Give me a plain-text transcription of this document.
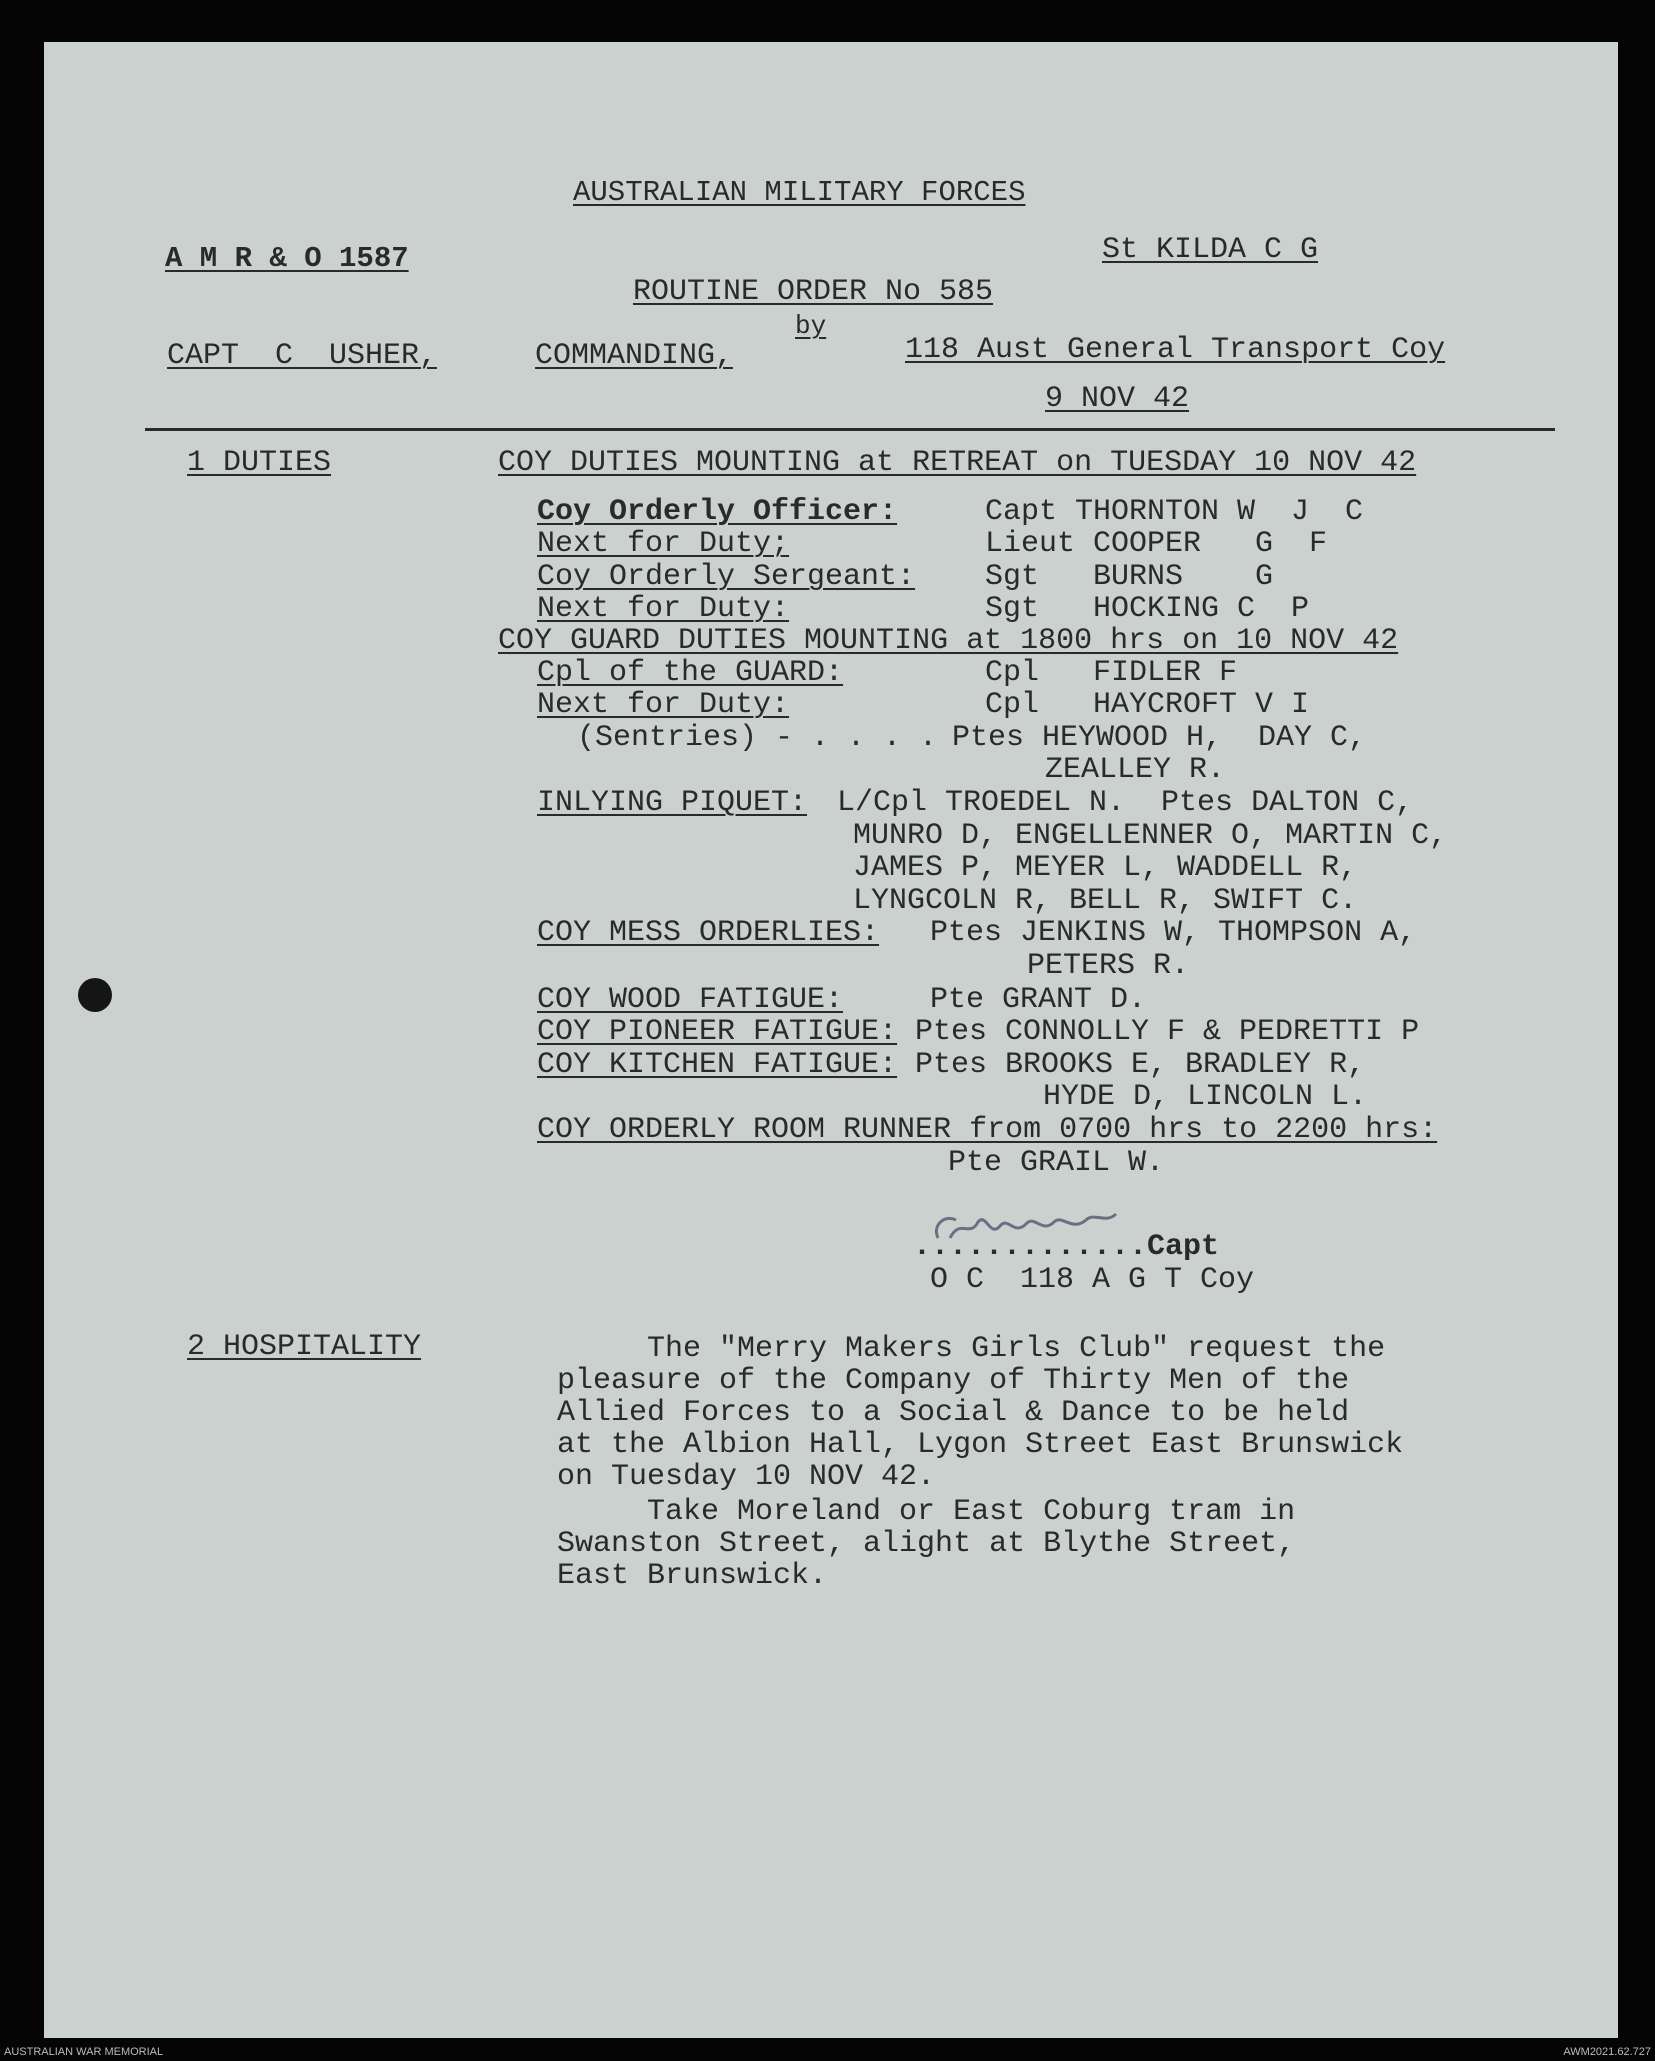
AUSTRALIAN MILITARY FORCES
A M R & O 1587	St KILDA C G
ROUTINE ORDER No 585
by
CAPT  C  USHER,	COMMANDING,	118 Aust General Transport Coy
9 NOV 42
1 DUTIES	COY DUTIES MOUNTING at RETREAT on TUESDAY 10 NOV 42
Coy Orderly Officer:	Capt THORNTON W  J  C
Next for Duty;	Lieut COOPER   G  F
Coy Orderly Sergeant: Sgt   BURNS    G
Next for Duty:	Sgt   HOCKING C  P
COY GUARD DUTIES MOUNTING at 1800 hrs on 10 NOV 42
Cpl of the GUARD:	Cpl   FIDLER F
Next for Duty:	Cpl   HAYCROFT V I
(Sentries) - . . . . Ptes HEYWOOD H,  DAY C,
ZEALLEY R.
INLYING PIQUET: L/Cpl TROEDEL N.  Ptes DALTON C,
MUNRO D, ENGELLENNER O, MARTIN C,
JAMES P, MEYER L, WADDELL R,
LYNGCOLN R, BELL R, SWIFT C.
COY MESS ORDERLIES: Ptes JENKINS W, THOMPSON A,
PETERS R.
COY WOOD FATIGUE:	Pte GRANT D.
COY PIONEER FATIGUE: Ptes CONNOLLY F & PEDRETTI P
COY KITCHEN FATIGUE: Ptes BROOKS E, BRADLEY R,
HYDE D, LINCOLN L.
COY ORDERLY ROOM RUNNER from 0700 hrs to 2200 hrs:
Pte GRAIL W.
.............Capt
O C  118 A G T Coy
2 HOSPITALITY	The "Merry Makers Girls Club" request the
pleasure of the Company of Thirty Men of the
Allied Forces to a Social & Dance to be held
at the Albion Hall, Lygon Street East Brunswick
on Tuesday 10 NOV 42.
Take Moreland or East Coburg tram in
Swanston Street, alight at Blythe Street,
East Brunswick.
AUSTRALIAN WAR MEMORIAL	AWM2021.62.727
